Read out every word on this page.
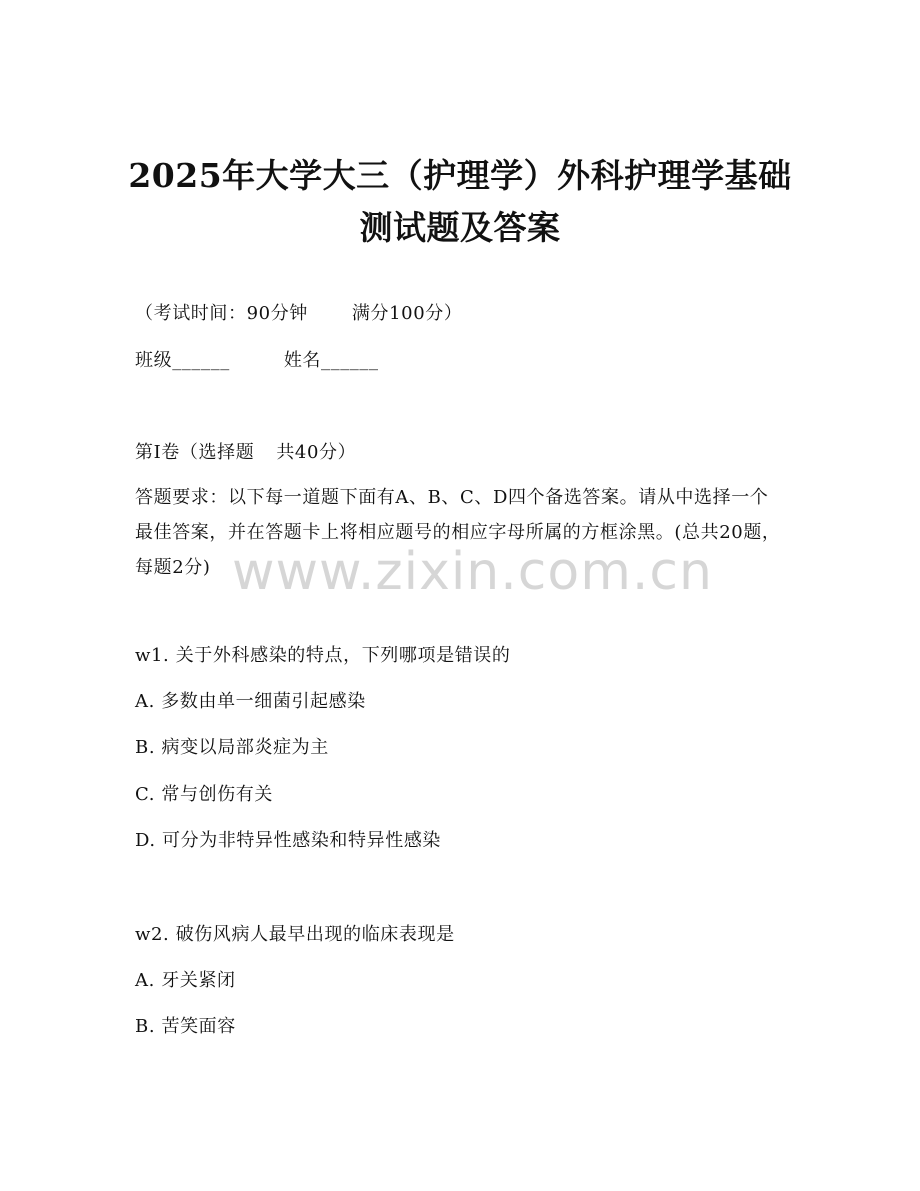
2025年大学大三（护理学）外科护理学基础
测试题及答案
（考试时间：90分钟 满分100分）
班级______	姓名______
第I卷（选择题 共40分）
答题要求：以下每一道题下面有A、B、C、D四个备选答案。请从中选择一个最佳答案，并在答题卡上将相应题号的相应字母所属的方框涂黑。(总共20题，每题2分) www.zixin.com.cn
w1. 关于外科感染的特点，下列哪项是错误的
A. 多数由单一细菌引起感染
B. 病变以局部炎症为主
C. 常与创伤有关
D. 可分为非特异性感染和特异性感染
w2. 破伤风病人最早出现的临床表现是
A. 牙关紧闭
B. 苦笑面容
